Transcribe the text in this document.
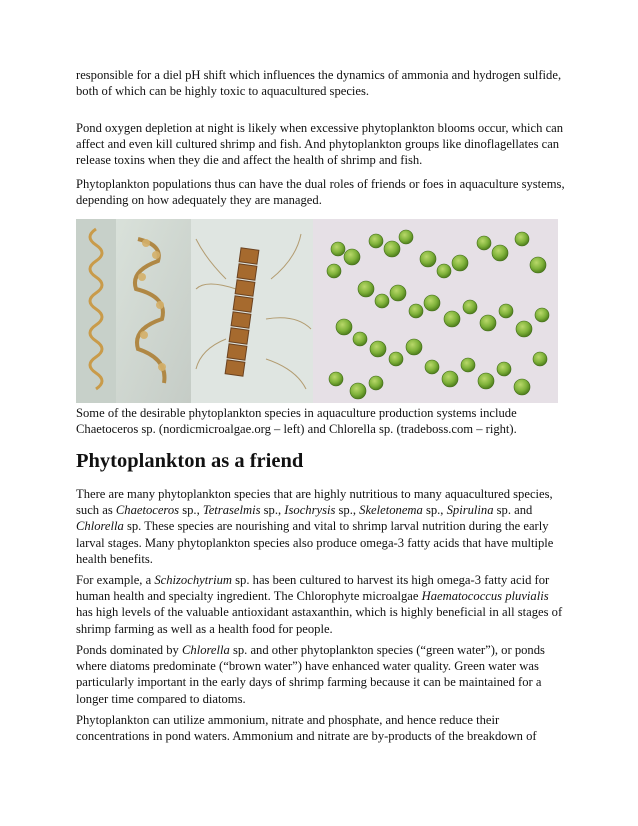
responsible for a diel pH shift which influences the dynamics of ammonia and hydrogen sulfide, both of which can be highly toxic to aquacultured species.

Pond oxygen depletion at night is likely when excessive phytoplankton blooms occur, which can affect and even kill cultured shrimp and fish. And phytoplankton groups like dinoflagellates can release toxins when they die and affect the health of shrimp and fish.

Phytoplankton populations thus can have the dual roles of friends or foes in aquaculture systems, depending on how adequately they are managed.

Some of the desirable phytoplankton species in aquaculture production systems include Chaetoceros sp. (nordicmicroalgae.org – left) and Chlorella sp. (tradeboss.com – right).

Phytoplankton as a friend

There are many phytoplankton species that are highly nutritious to many aquacultured species, such as Chaetoceros sp., Tetraselmis sp., Isochrysis sp., Skeletonema sp., Spirulina sp. and Chlorella sp. These species are nourishing and vital to shrimp larval nutrition during the early larval stages. Many phytoplankton species also produce omega-3 fatty acids that have multiple health benefits.

For example, a Schizochytrium sp. has been cultured to harvest its high omega-3 fatty acid for human health and specialty ingredient. The Chlorophyte microalgae Haematococcus pluvialis has high levels of the valuable antioxidant astaxanthin, which is highly beneficial in all stages of shrimp farming as well as a health food for people.

Ponds dominated by Chlorella sp. and other phytoplankton species (“green water”), or ponds where diatoms predominate (“brown water”) have enhanced water quality. Green water was particularly important in the early days of shrimp farming because it can be maintained for a longer time compared to diatoms.

Phytoplankton can utilize ammonium, nitrate and phosphate, and hence reduce their concentrations in pond waters. Ammonium and nitrate are by-products of the breakdown of
